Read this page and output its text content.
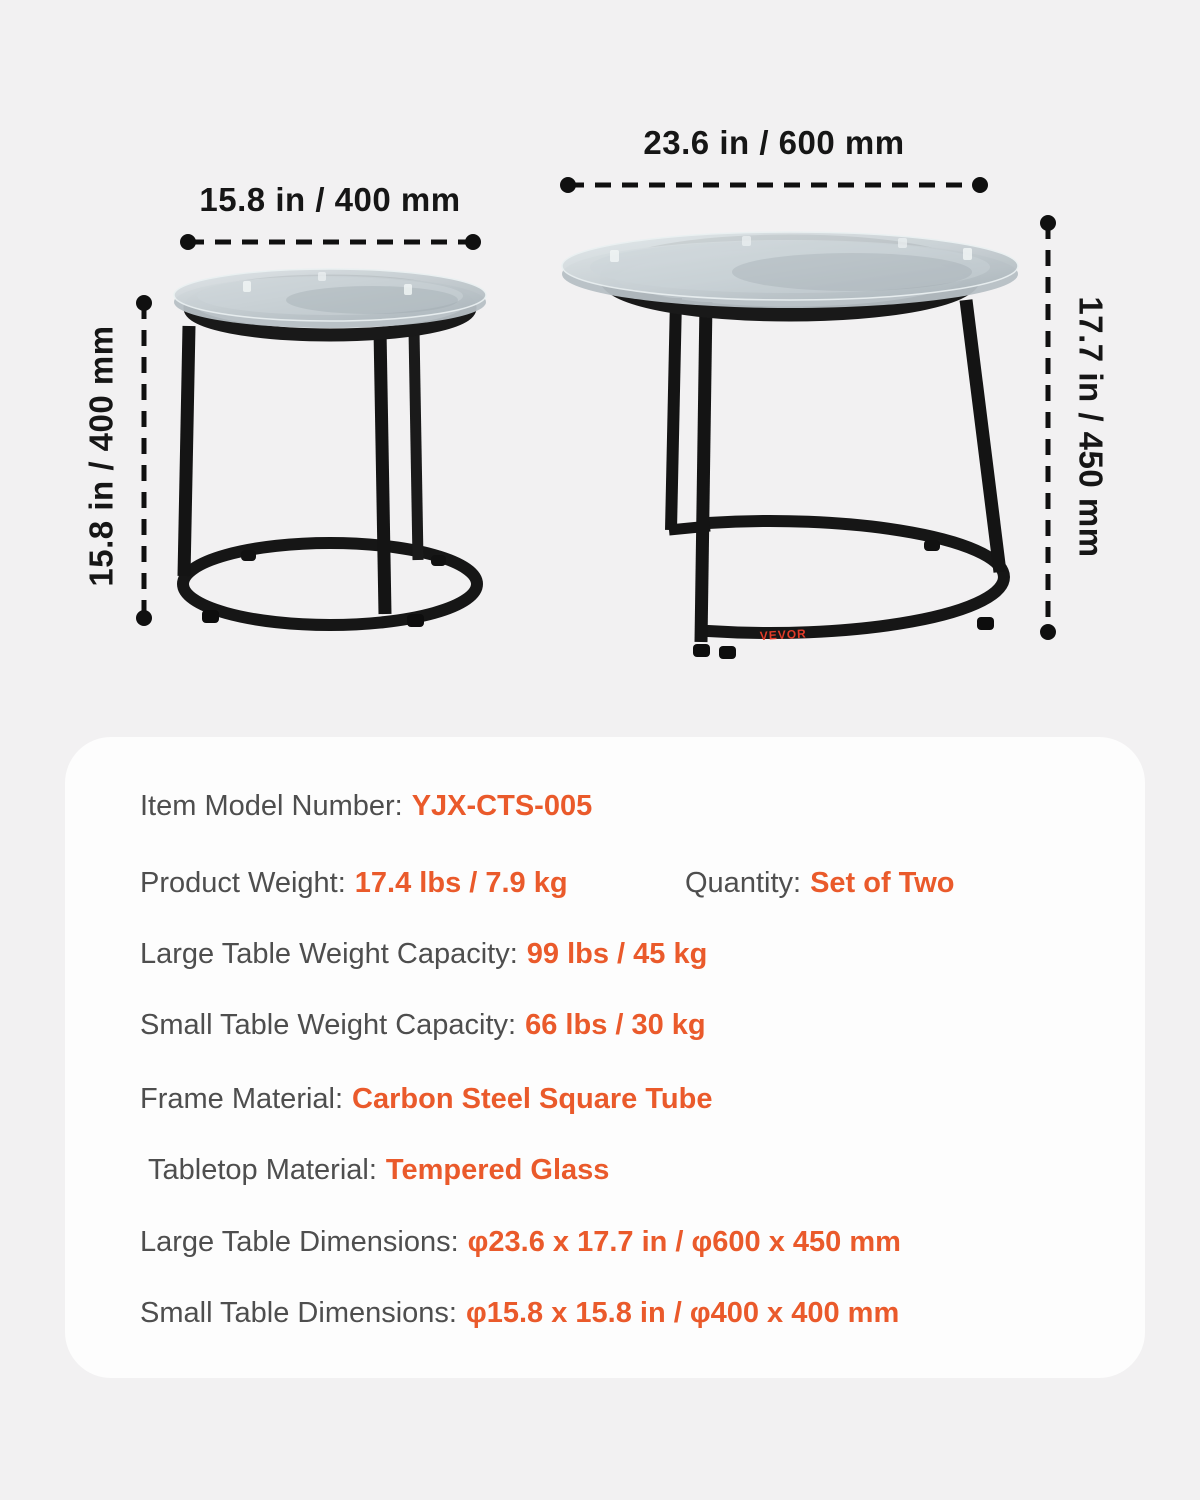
VEVOR
15.8 in / 400 mm
23.6 in / 600 mm
15.8 in / 400 mm	17.7 in / 450 mm
Item Model Number: YJX-CTS-005
Product Weight: 17.4 lbs / 7.9 kg	Quantity: Set of Two
Large Table Weight Capacity: 99 lbs / 45 kg
Small Table Weight Capacity: 66 lbs / 30 kg
Frame Material: Carbon Steel Square Tube
Tabletop Material: Tempered Glass
Large Table Dimensions: φ23.6 x 17.7 in / φ600 x 450 mm
Small Table Dimensions: φ15.8 x 15.8 in / φ400 x 400 mm
